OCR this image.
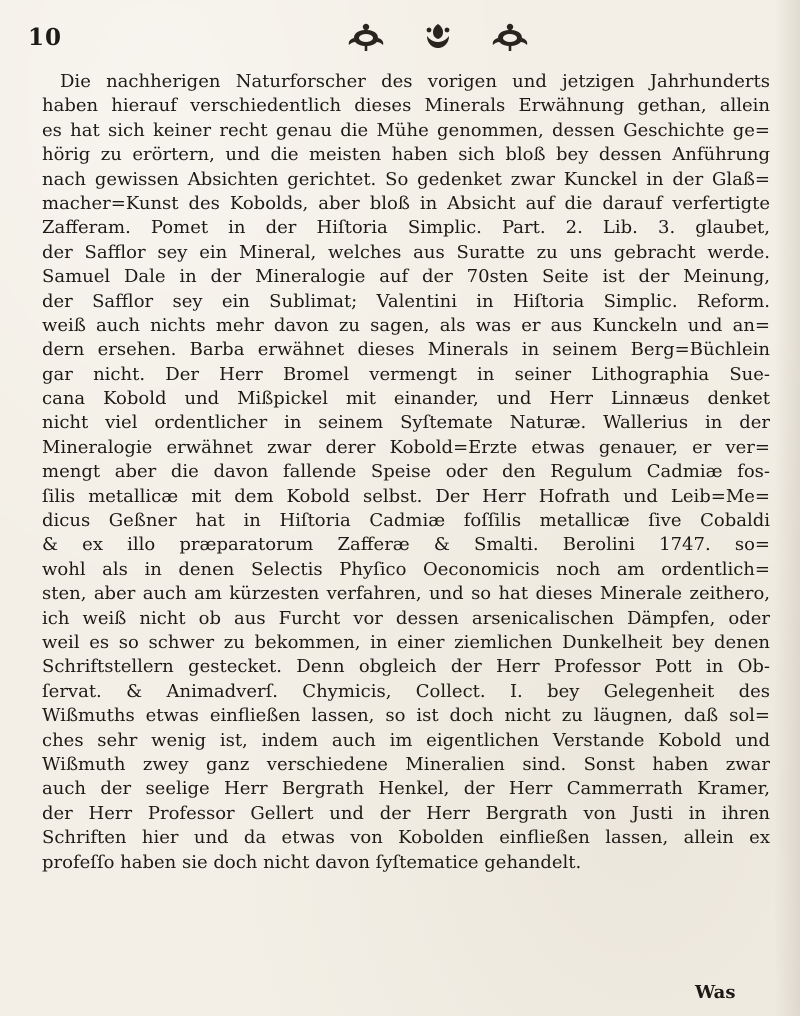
10
Die nachherigen Naturforscher des vorigen und jetzigen Jahrhunderts
haben hierauf verschiedentlich dieses Minerals Erwähnung gethan, allein
es hat sich keiner recht genau die Mühe genommen, dessen Geschichte ge=
hörig zu erörtern, und die meisten haben sich bloß bey dessen Anführung
nach gewissen Absichten gerichtet. So gedenket zwar Kunckel in der Glaß=
macher=Kunst des Kobolds, aber bloß in Absicht auf die darauf verfertigte
Zafferam. Pomet in der Hiſtoria Simplic. Part. 2. Lib. 3. glaubet,
der Safflor sey ein Mineral, welches aus Suratte zu uns gebracht werde.
Samuel Dale in der Mineralogie auf der 70sten Seite ist der Meinung,
der Safflor sey ein Sublimat; Valentini in Hiſtoria Simplic. Reform.
weiß auch nichts mehr davon zu sagen, als was er aus Kunckeln und an=
dern ersehen. Barba erwähnet dieses Minerals in seinem Berg=Büchlein
gar nicht. Der Herr Bromel vermengt in seiner Lithographia Sue-
cana Kobold und Mißpickel mit einander, und Herr Linnæus denket
nicht viel ordentlicher in seinem Syſtemate Naturæ. Wallerius in der
Mineralogie erwähnet zwar derer Kobold=Erzte etwas genauer, er ver=
mengt aber die davon fallende Speise oder den Regulum Cadmiæ fos-
ſilis metallicæ mit dem Kobold selbst. Der Herr Hofrath und Leib=Me=
dicus Geßner hat in Hiſtoria Cadmiæ foſſilis metallicæ ſive Cobaldi
& ex illo præparatorum Zafferæ & Smalti. Berolini 1747. so=
wohl als in denen Selectis Phyſico Oeconomicis noch am ordentlich=
sten, aber auch am kürzesten verfahren, und so hat dieses Minerale zeithero,
ich weiß nicht ob aus Furcht vor dessen arsenicalischen Dämpfen, oder
weil es so schwer zu bekommen, in einer ziemlichen Dunkelheit bey denen
Schriftstellern gestecket. Denn obgleich der Herr Professor Pott in Ob-
ſervat. & Animadverſ. Chymicis, Collect. I. bey Gelegenheit des
Wißmuths etwas einfließen lassen, so ist doch nicht zu läugnen, daß sol=
ches sehr wenig ist, indem auch im eigentlichen Verstande Kobold und
Wißmuth zwey ganz verschiedene Mineralien sind. Sonst haben zwar
auch der seelige Herr Bergrath Henkel, der Herr Cammerrath Kramer,
der Herr Professor Gellert und der Herr Bergrath von Justi in ihren
Schriften hier und da etwas von Kobolden einfließen lassen, allein ex
profeſſo haben sie doch nicht davon ſyſtematice gehandelt.
Was
